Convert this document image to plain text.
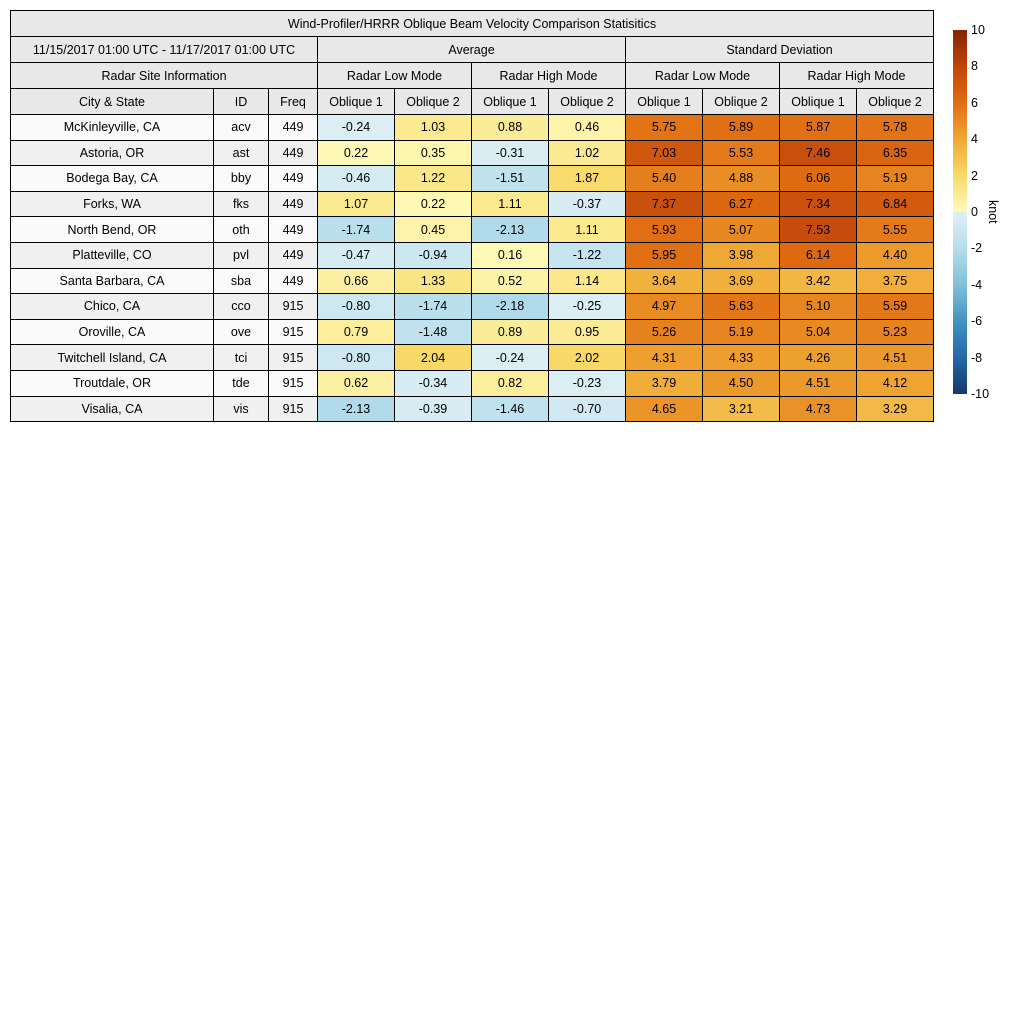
Wind-Profiler/HRRR Oblique Beam Velocity Comparison Statisitics										
11/15/2017 01:00 UTC - 11/17/2017 01:00 UTC			Average				Standard Deviation			
Radar Site Information			Radar Low Mode		Radar High Mode		Radar Low Mode		Radar High Mode	
City & State	ID	Freq	Oblique 1	Oblique 2	Oblique 1	Oblique 2	Oblique 1	Oblique 2	Oblique 1	Oblique 2
McKinleyville, CA	acv	449	-0.24	1.03	0.88	0.46	5.75	5.89	5.87	5.78
Astoria, OR	ast	449	0.22	0.35	-0.31	1.02	7.03	5.53	7.46	6.35
Bodega Bay, CA	bby	449	-0.46	1.22	-1.51	1.87	5.40	4.88	6.06	5.19
Forks, WA	fks	449	1.07	0.22	1.11	-0.37	7.37	6.27	7.34	6.84
North Bend, OR	oth	449	-1.74	0.45	-2.13	1.11	5.93	5.07	7.53	5.55
Platteville, CO	pvl	449	-0.47	-0.94	0.16	-1.22	5.95	3.98	6.14	4.40
Santa Barbara, CA	sba	449	0.66	1.33	0.52	1.14	3.64	3.69	3.42	3.75
Chico, CA	cco	915	-0.80	-1.74	-2.18	-0.25	4.97	5.63	5.10	5.59
Oroville, CA	ove	915	0.79	-1.48	0.89	0.95	5.26	5.19	5.04	5.23
Twitchell Island, CA	tci	915	-0.80	2.04	-0.24	2.02	4.31	4.33	4.26	4.51
Troutdale, OR	tde	915	0.62	-0.34	0.82	-0.23	3.79	4.50	4.51	4.12
Visalia, CA	vis	915	-2.13	-0.39	-1.46	-0.70	4.65	3.21	4.73	3.29
10
8
6
4
2
0
-2
-4
-6
-8
-10
knot
